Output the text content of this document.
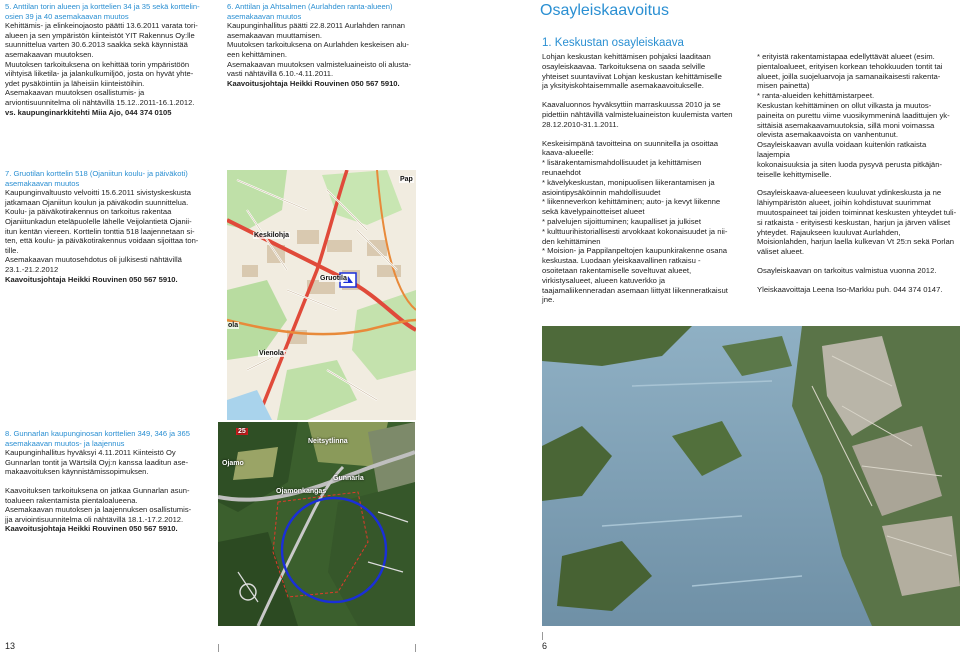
5. Anttilan torin alueen ja korttelien 34 ja 35 sekä korttelin-
osien 39 ja 40 asemakaavan muutos
Kehittämis- ja elinkeinojaosto päätti 13.6.2011 varata tori-
alueen ja sen ympäristön kiinteistöt YIT Rakennus Oy:lle
suunnittelua varten 30.6.2013 saakka sekä käynnistää
asemakaavan muutoksen.
Muutoksen tarkoituksena on kehittää torin ympäristöön
viihtyisä liiketila- ja jalankulkumiljöö, josta on hyvät yhte-
ydet pysäköintiin ja läheisiin kiinteistöihin.
Asemakaavan muutoksen osallistumis- ja
arviontisuunnitelma oli nähtävillä 15.12..2011-16.1.2012.
vs. kaupunginarkkitehti Miia Ajo, 044 374 0105
7. Gruotilan korttelin 518 (Ojaniitun koulu- ja päiväkoti)
asemakaavan muutos
Kaupunginvaltuusto velvoitti 15.6.2011 sivistyskeskusta
jatkamaan Ojaniitun koulun ja päiväkodin suunnittelua.
Koulu- ja päiväkotirakennus on tarkoitus rakentaa
Ojaniitunkadun eteläpuolelle lähelle Veijolantietä Ojanii-
itun kentän viereen. Korttelin tonttia 518 laajennetaan si-
ten, että koulu- ja päiväkotirakennus voidaan sijoittaa ton-
tille.
Asemakaavan muutosehdotus oli julkisesti nähtävillä
23.1.-21.2.2012
Kaavoitusjohtaja Heikki Rouvinen 050 567 5910.
8. Gunnarlan kaupunginosan korttelien 349, 346 ja 365
asemakaavan muutos- ja laajennus
Kaupunginhallitus hyväksyi 4.11.2011 Kiinteistö Oy
Gunnarlan tontit ja Wärtsilä Oyj:n kanssa laaditun ase-
makaavoituksen käynnistämissopimuksen.
Kaavoituksen tarkoituksena on jatkaa Gunnarlan asun-
toalueen rakentamista pientaloalueena.
Asemakaavan muutoksen ja laajennuksen osallistumis-
jja arviointisuunnitelma oli nähtävillä 18.1.-17.2.2012.
Kaavoitusjohtaja Heikki Rouvinen 050 567 5910.
6. Anttilan ja Ahtsalmen (Aurlahden ranta-alueen)
asemakaavan muutos
Kaupunginhallitus päätti 22.8.2011 Aurlahden rannan
asemakaavan muuttamisen.
Muutoksen tarkoituksena on Aurlahden keskeisen alu-
een kehittäminen.
Asemakaavan muutoksen valmisteluaineisto oli alusta-
vasti nähtävillä 6.10.-4.11.2011.
Kaavoitusjohtaja Heikki Rouvinen 050 567 5910.
Pap
Keskilohja
Gruotila
ola
Vienola
25
Neitsytlinna
Ojamo
Gunnarla
Ojamonkangas
13
Osayleiskaavoitus
1. Keskustan osayleiskaava
Lohjan keskustan kehittämisen pohjaksi laaditaan
osayleiskaavaa. Tarkoituksena on saada selville
yhteiset suuntaviivat Lohjan keskustan kehittämiselle
ja yksityiskohtaisemmalle asemakaavoitukselle.
Kaavaluonnos hyväksyttiin marraskuussa 2010 ja se
pidettiin nähtävillä valmisteluaineiston kuulemista varten
28.12.2010-31.1.2011.
Keskeisimpänä tavoitteina on suunnitella ja osoittaa
kaava-alueelle:
* lisärakentamismahdollisuudet ja kehittämisen
reunaehdot
* kävelykeskustan, monipuolisen liikerantamisen ja
asiointipysäköinnin mahdollisuudet
* liikenneverkon kehittäminen; auto- ja kevyt liikenne
sekä kävelypainotteiset alueet
* palvelujen sijoittuminen; kaupalliset ja julkiset
* kulttuurihistoriallisesti arvokkaat kokonaisuudet ja nii-
den kehittäminen
* Moision- ja Pappilanpeltojen kaupunkirakenne osana
keskustaa. Luodaan yleiskaavallinen ratkaisu -
osoitetaan rakentamiselle soveltuvat alueet,
virkistysalueet, alueen katuverkko ja
taajamaliikenneradan asemaan liittyät liikenneratkaisut
jne.
* erityistä rakentamistapaa edellyttävät alueet (esim.
pientaloalueet, erityisen korkean tehokkuuden tontit tai
alueet, joilla suojeluarvoja ja samanaikaisesti rakenta-
misen painetta)
* ranta-alueiden kehittämistarpeet.
Keskustan kehittäminen on ollut vilkasta ja muutos-
paineita on purettu viime vuosikymmeninä laadittujen yk-
sittäisiä asemakaavamuutoksia, sillä moni voimassa
olevista asemakaavoista on vanhentunut.
Osayleiskaavan avulla voidaan kuitenkin ratkaista
laajempia
kokonaisuuksia ja siten luoda pysyvä perusta pitkäjän-
teiselle kehittymiselle.
Osayleiskaava-alueeseen kuuluvat ydinkeskusta ja ne
lähiympäristön alueet, joihin kohdistuvat suurimmat
muutospaineet tai joiden toiminnat keskusten yhteydet tuli-
si ratkaista - erityisesti keskustan, harjun ja järven väliset
yhteydet. Rajaukseen kuuluvat Aurlahden,
Moisionlahden, harjun laella kulkevan Vt 25:n sekä Porlan
väliset alueet.
Osayleiskaavan on tarkoitus valmistua vuonna 2012.
Yleiskaavoittaja Leena Iso-Markku puh. 044 374 0147.
6
